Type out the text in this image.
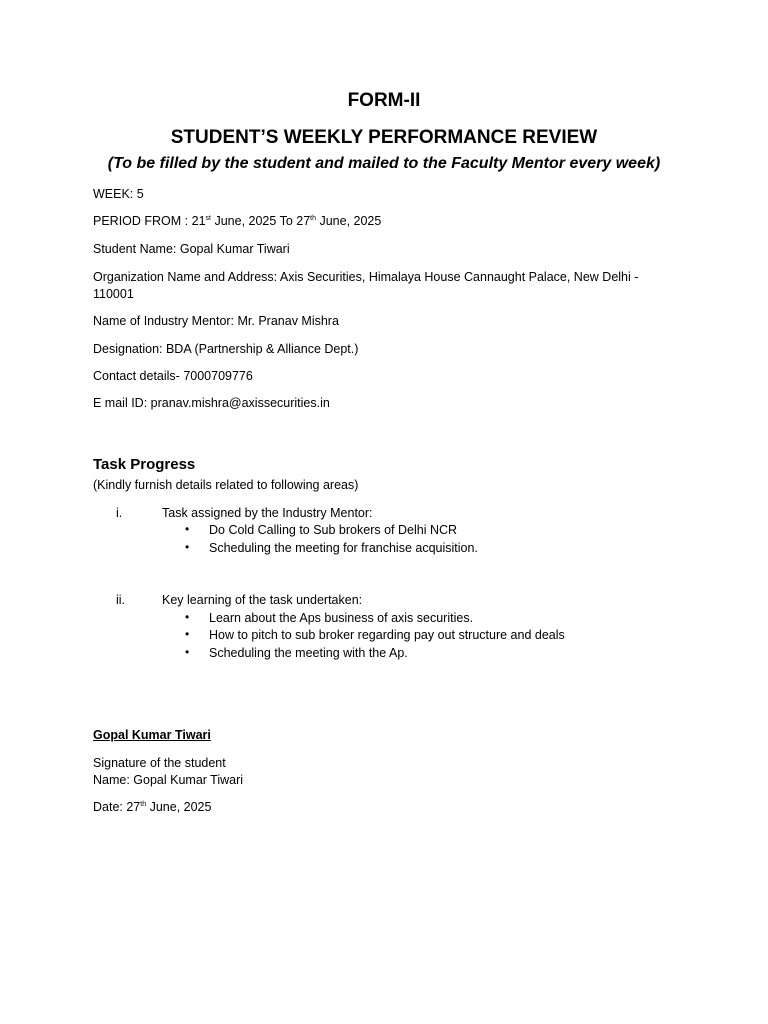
FORM-II
STUDENT’S WEEKLY PERFORMANCE REVIEW
(To be filled by the student and mailed to the Faculty Mentor every week)
WEEK: 5
PERIOD FROM : 21st June, 2025 To 27th June, 2025
Student Name: Gopal Kumar Tiwari
Organization Name and Address: Axis Securities, Himalaya House Cannaught Palace, New Delhi -
110001
Name of Industry Mentor: Mr. Pranav Mishra
Designation: BDA (Partnership & Alliance Dept.)
Contact details- 7000709776
E mail ID: pranav.mishra@axissecurities.in
Task Progress
(Kindly furnish details related to following areas)
i.	Task assigned by the Industry Mentor:
• Do Cold Calling to Sub brokers of Delhi NCR
• Scheduling the meeting for franchise acquisition.
ii.	Key learning of the task undertaken:
• Learn about the Aps business of axis securities.
• How to pitch to sub broker regarding pay out structure and deals
• Scheduling the meeting with the Ap.
Gopal Kumar Tiwari
Signature of the student
Name: Gopal Kumar Tiwari
Date: 27th June, 2025
